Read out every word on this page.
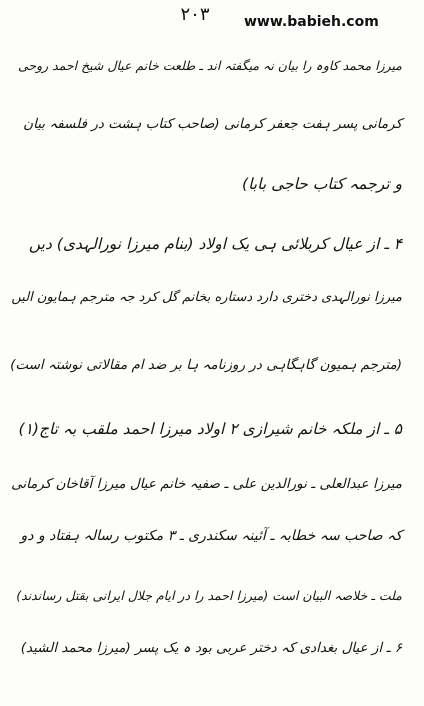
۲۰۳	www.babieh.com
میرزا محمد کاوہ را بیان نہ میگفتہ اند ـ طلعت خانم عیال شیخ احمد روحی
کرمانی پسر ہفت جعفر کرمانی (صاحب کتاب ہشت در فلسفہ بیان
و ترجمہ کتاب حاجی بابا)
۴ ـ از عیال کربلائی ہی یک اولاد (بنام میرزا نورالہدی) دیں
میرزا نورالہدی دختری دارد دستاره بخانم گل کرد جہ مترجم ہمایون الیں
(مترجم ہمیون گاہگاہی در روزنامہ ہا بر ضد ام مقالاتی نوشتہ است)
۵ ـ از ملکہ خانم شیرازی ۲ اولاد میرزا احمد ملقب بہ تاج(۱)
میرزا عبدالعلی ـ نورالدین علی ـ صفیہ خانم عیال میرزا آقاخان کرمانی
کہ صاحب سہ خطابہ ـ آئینہ سکندری ـ ۳ مکتوب رسالہ ہفتاد و دو
ملت ـ خلاصہ البیان است (میرزا احمد را در ایام جلال ایرانی بقتل رساندند)
۶ ـ از عیال بغدادی کہ دختر عربی بود ہ یک پسر (میرزا محمد الشید)
